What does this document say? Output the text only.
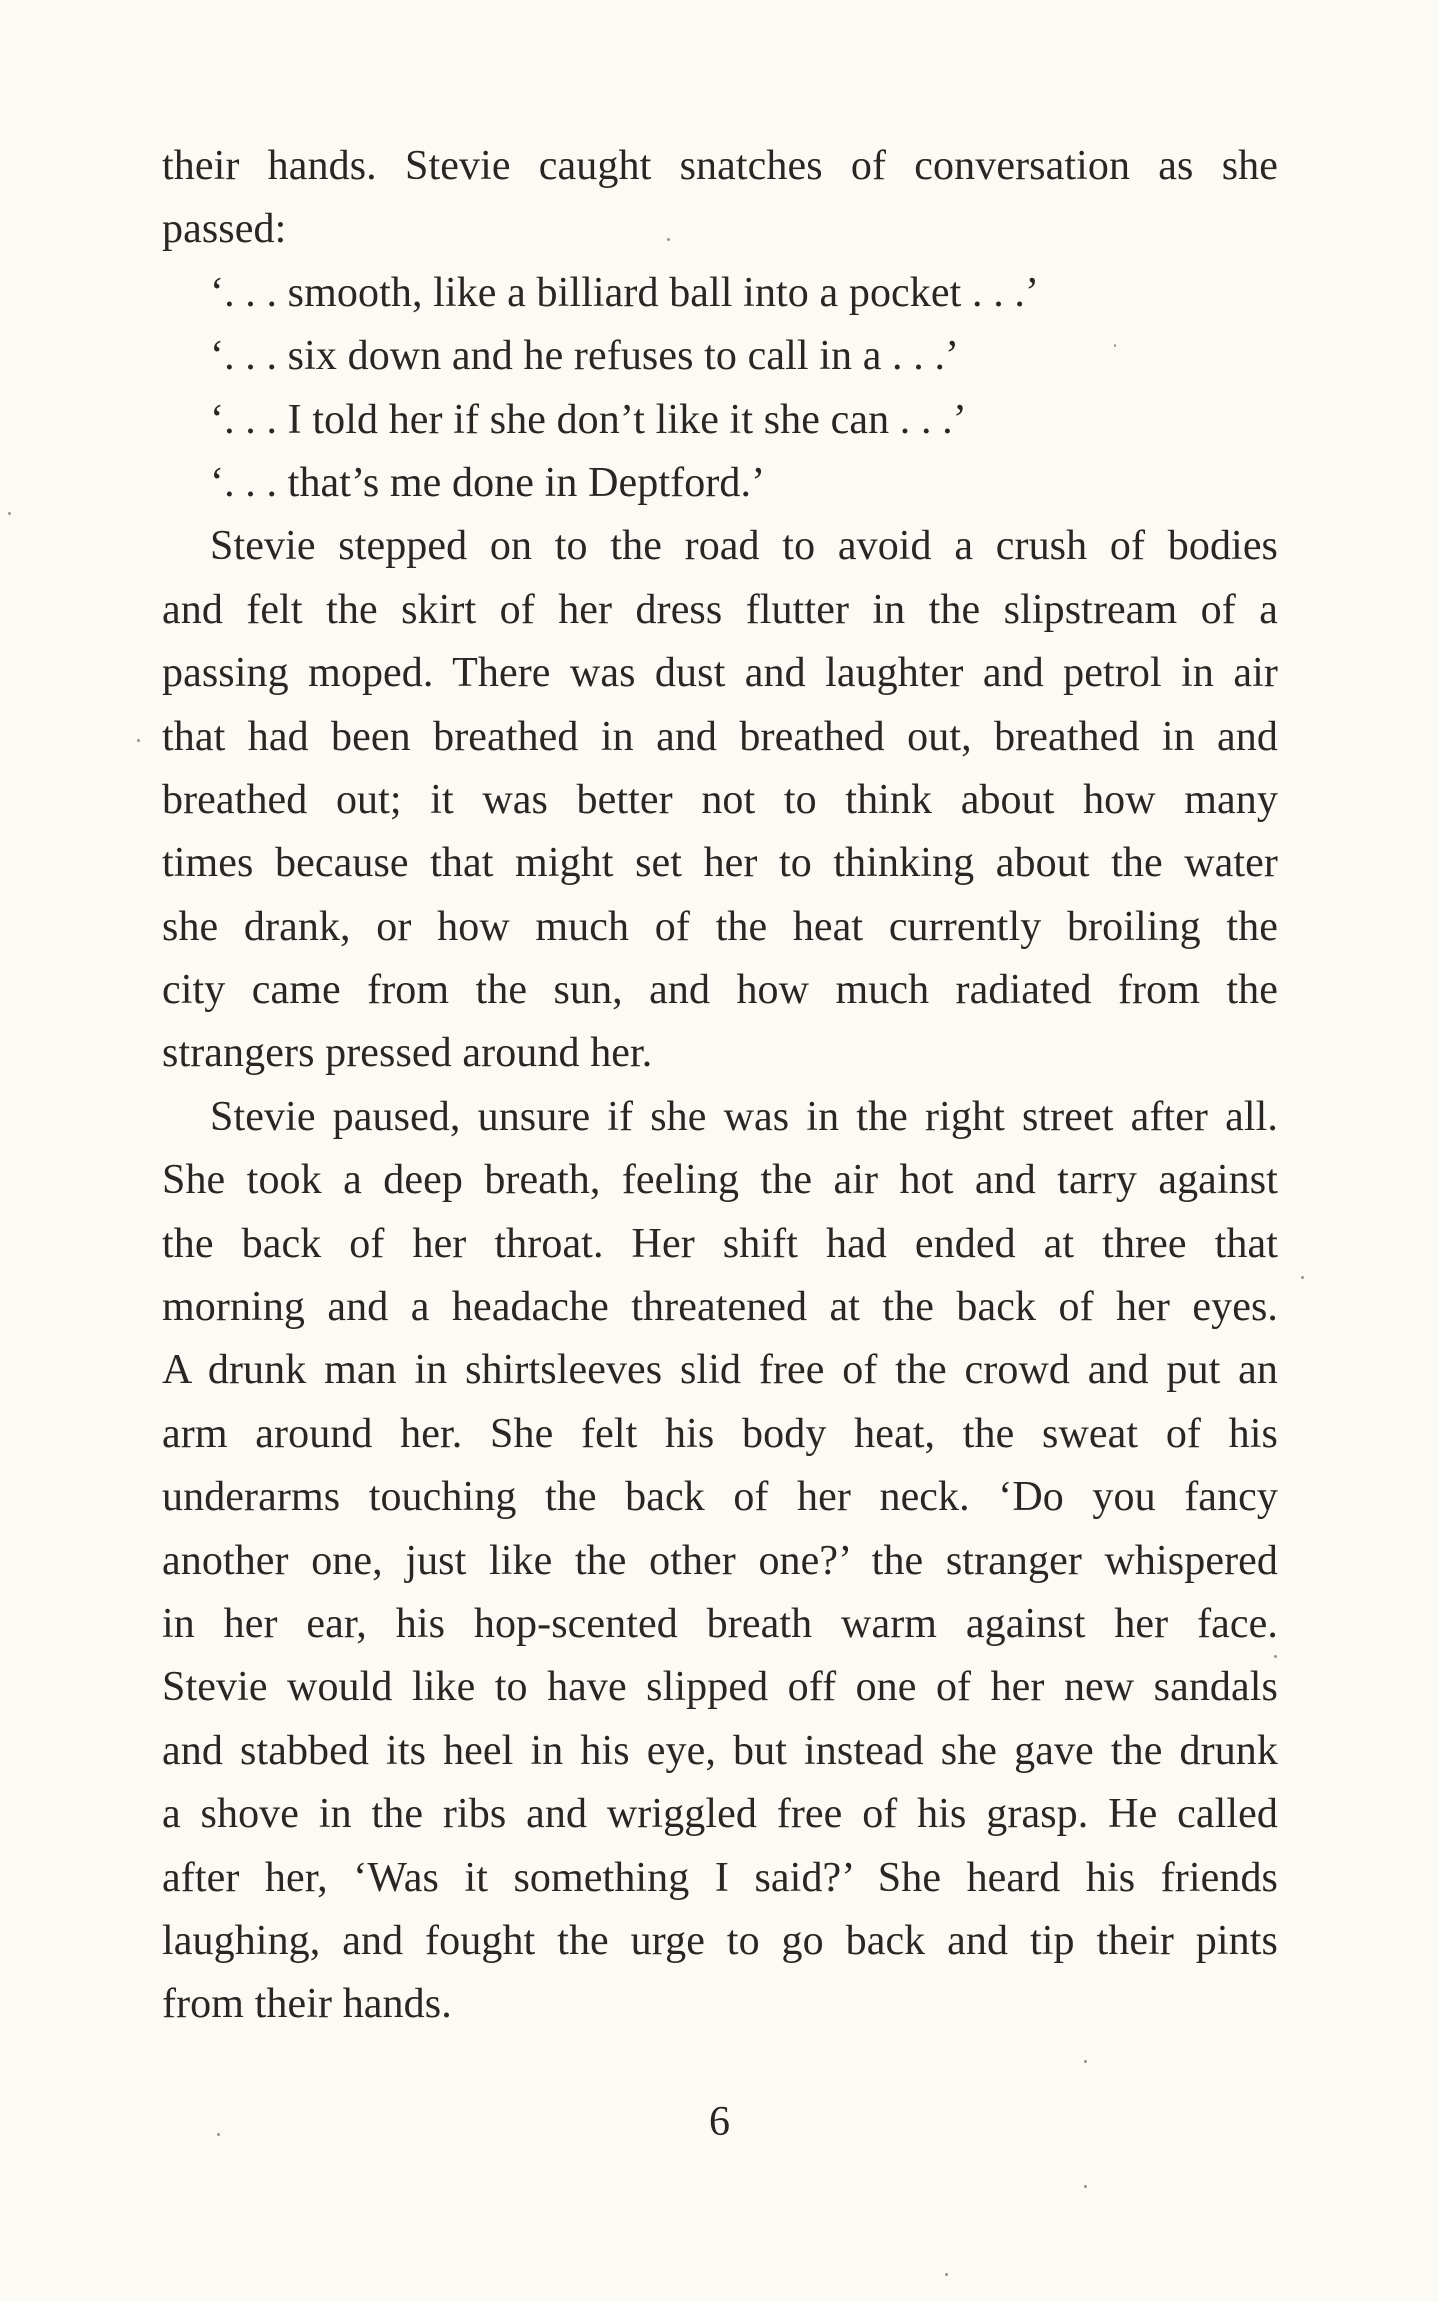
their hands. Stevie caught snatches of conversation as she
passed:
‘. . . smooth, like a billiard ball into a pocket . . .’
‘. . . six down and he refuses to call in a . . .’
‘. . . I told her if she don’t like it she can . . .’
‘. . . that’s me done in Deptford.’
Stevie stepped on to the road to avoid a crush of bodies
and felt the skirt of her dress flutter in the slipstream of a
passing moped. There was dust and laughter and petrol in air
that had been breathed in and breathed out, breathed in and
breathed out; it was better not to think about how many
times because that might set her to thinking about the water
she drank, or how much of the heat currently broiling the
city came from the sun, and how much radiated from the
strangers pressed around her.
Stevie paused, unsure if she was in the right street after all.
She took a deep breath, feeling the air hot and tarry against
the back of her throat. Her shift had ended at three that
morning and a headache threatened at the back of her eyes.
A drunk man in shirtsleeves slid free of the crowd and put an
arm around her. She felt his body heat, the sweat of his
underarms touching the back of her neck. ‘Do you fancy
another one, just like the other one?’ the stranger whispered
in her ear, his hop-scented breath warm against her face.
Stevie would like to have slipped off one of her new sandals
and stabbed its heel in his eye, but instead she gave the drunk
a shove in the ribs and wriggled free of his grasp. He called
after her, ‘Was it something I said?’ She heard his friends
laughing, and fought the urge to go back and tip their pints
from their hands.
6
